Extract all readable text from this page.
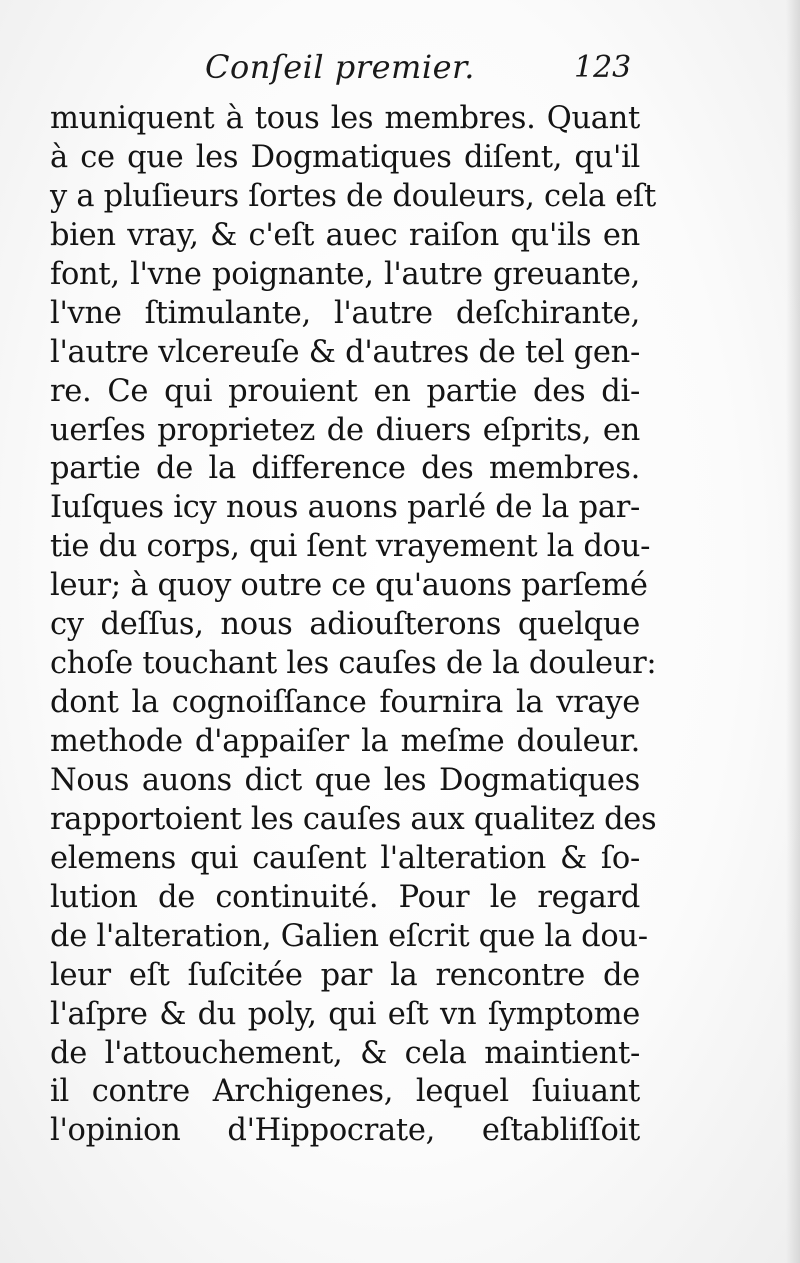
Conſeil premier.	123
muniquent à tous les membres. Quant
à ce que les Dogmatiques diſent, qu'il
y a pluſieurs ſortes de douleurs, cela eſt
bien vray, & c'eſt auec raiſon qu'ils en
font, l'vne poignante, l'autre greuante,
l'vne ſtimulante, l'autre deſchirante,
l'autre vlcereuſe & d'autres de tel gen-
re. Ce qui prouient en partie des di-
uerſes proprietez de diuers eſprits, en
partie de la difference des membres.
Iuſques icy nous auons parlé de la par-
tie du corps, qui ſent vrayement la dou-
leur; à quoy outre ce qu'auons parſemé
cy deſſus, nous adiouſterons quelque
choſe touchant les cauſes de la douleur:
dont la cognoiſſance fournira la vraye
methode d'appaiſer la meſme douleur.
Nous auons dict que les Dogmatiques
rapportoient les cauſes aux qualitez des
elemens qui cauſent l'alteration & ſo-
lution de continuité. Pour le regard
de l'alteration, Galien eſcrit que la dou-
leur eſt ſuſcitée par la rencontre de
l'aſpre & du poly, qui eſt vn ſymptome
de l'attouchement, & cela maintient-
il contre Archigenes, lequel ſuiuant
l'opinion d'Hippocrate, eſtabliſſoit
